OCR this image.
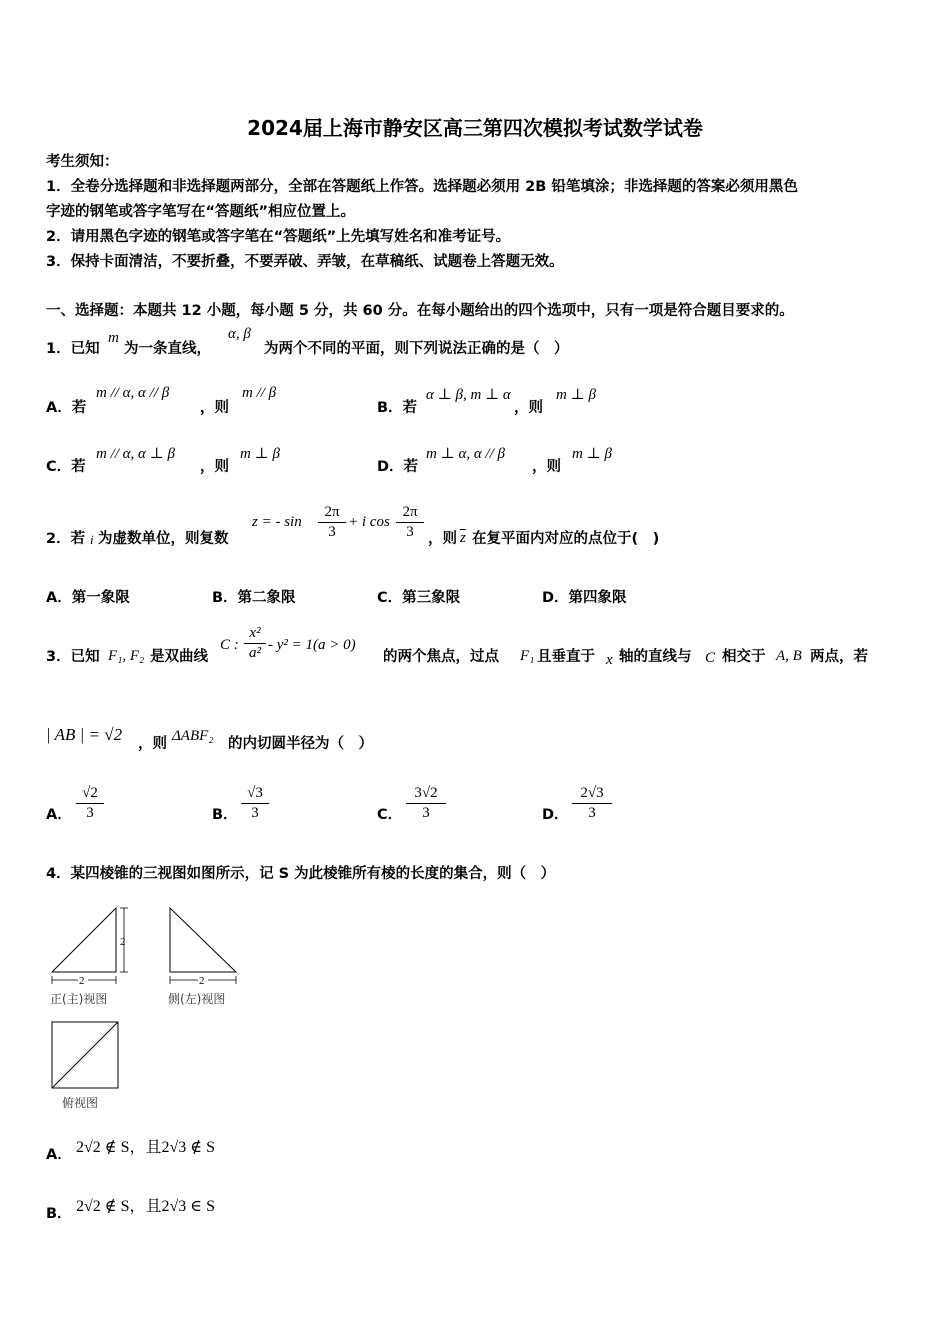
2024届上海市静安区高三第四次模拟考试数学试卷
考生须知：
1．全卷分选择题和非选择题两部分，全部在答题纸上作答。选择题必须用 2B 铅笔填涂；非选择题的答案必须用黑色
字迹的钢笔或答字笔写在“答题纸”相应位置上。
2．请用黑色字迹的钢笔或答字笔在“答题纸”上先填写姓名和准考证号。
3．保持卡面清洁，不要折叠，不要弄破、弄皱，在草稿纸、试题卷上答题无效。
一、选择题：本题共 12 小题，每小题 5 分，共 60 分。在每小题给出的四个选项中，只有一项是符合题目要求的。
1．已知
m
为一条直线，
α, β
为两个不同的平面，则下列说法正确的是（　）
A．若
m // α, α // β
，则
m // β
B．若
α ⊥ β, m ⊥ α
，则
m ⊥ β
C．若
m // α, α ⊥ β
，则
m ⊥ β
D．若
m ⊥ α, α // β
，则
m ⊥ β
2．若 i 为虚数单位，则复数
z = - $\sin \frac{2\pi}{3} + i$ $\cos \frac{2\pi}{3}$ ，则 $\overline{z}$ 在复平面内对应的点位于(　)
A．第一象限	B．第二象限	C．第三象限	D．第四象限
3．已知 F₁, F₂ 是双曲线
C : $\frac{\text{x²}}{\text{a²}} - y^2 = 1(a > 0)$
的两个焦点，过点 F₁ 且垂直于 x 轴的直线与 C 相交于 A, B 两点，若
| AB | = √2 ，则 ΔABF₂ 的内切圆半径为（　）
A． $\frac{√2}{3}$	B． $\frac{√3}{3}$	C． $\frac{3√2}{3}$	D． $\frac{2√3}{3}$
4．某四棱锥的三视图如图所示，记 S 为此棱锥所有棱的长度的集合，则（　）
2
2
正(主)视图
2
侧(左)视图
俯视图
A． 2√2 ∉ S，且2√3 ∉ S
B． 2√2 ∉ S，且2√3 ∈ S
